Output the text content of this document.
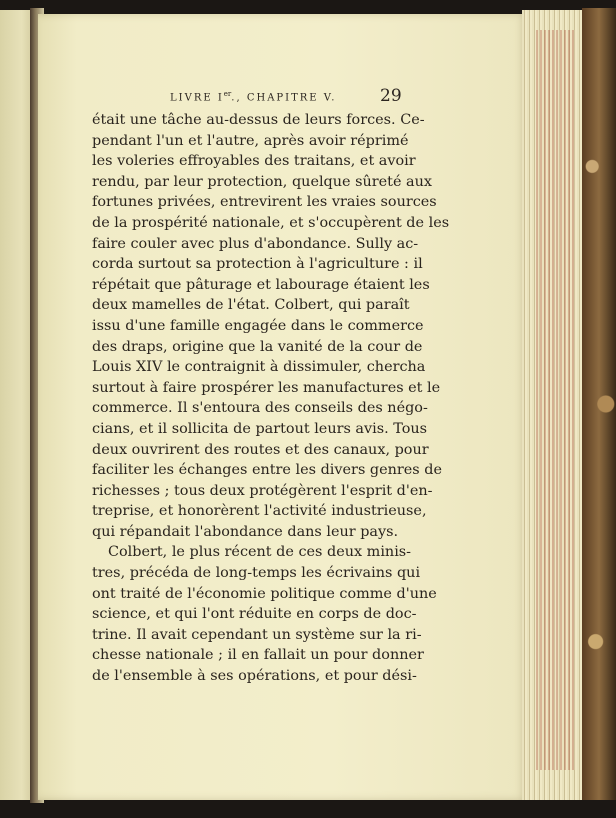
LIVRE Ier., CHAPITRE V.	29
était une tâche au-dessus de leurs forces. Ce-
pendant l'un et l'autre, après avoir réprimé
les voleries effroyables des traitans, et avoir
rendu, par leur protection, quelque sûreté aux
fortunes privées, entrevirent les vraies sources
de la prospérité nationale, et s'occupèrent de les
faire couler avec plus d'abondance. Sully ac-
corda surtout sa protection à l'agriculture : il
répétait que pâturage et labourage étaient les
deux mamelles de l'état. Colbert, qui paraît
issu d'une famille engagée dans le commerce
des draps, origine que la vanité de la cour de
Louis XIV le contraignit à dissimuler, chercha
surtout à faire prospérer les manufactures et le
commerce. Il s'entoura des conseils des négo-
cians, et il sollicita de partout leurs avis. Tous
deux ouvrirent des routes et des canaux, pour
faciliter les échanges entre les divers genres de
richesses ; tous deux protégèrent l'esprit d'en-
treprise, et honorèrent l'activité industrieuse,
qui répandait l'abondance dans leur pays.
Colbert, le plus récent de ces deux minis-
tres, précéda de long-temps les écrivains qui
ont traité de l'économie politique comme d'une
science, et qui l'ont réduite en corps de doc-
trine. Il avait cependant un système sur la ri-
chesse nationale ; il en fallait un pour donner
de l'ensemble à ses opérations, et pour dési-
